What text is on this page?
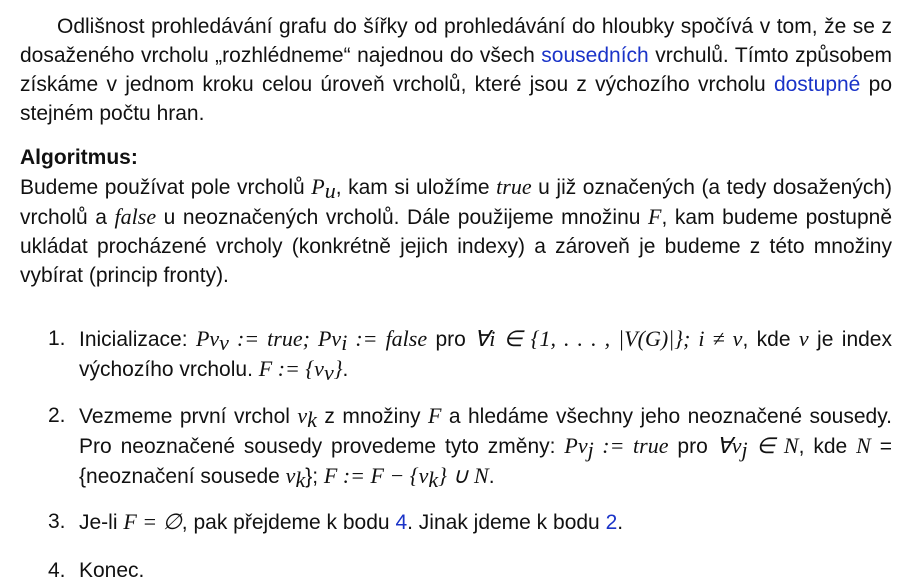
Odlišnost prohledávání grafu do šířky od prohledávání do hloubky spočívá v tom, že se z dosaženého vrcholu „rozhlédneme“ najednou do všech sousedních vrchulů. Tímto způsobem získáme v jednom kroku celou úroveň vrcholů, které jsou z výchozího vrcholu dostupné po stejném počtu hran.

Algoritmus:

Budeme používat pole vrcholů $P_u$, kam si uložíme true u již označených (a tedy dosažených) vrcholů a false u neoznačených vrcholů. Dále použijeme množinu F, kam budeme postupně ukládat procházené vrcholy (konkrétně jejich indexy) a zároveň je budeme z této množiny vybírat (princip fronty).

1. Inicializace: $Pv_v$ := true; $Pv_i$ := false pro ∀i ∈ {1, . . . , |V(G)|}; i ≠ v, kde v je index výchozího vrcholu. F := $\{v_v\}$.
2. Vezmeme první vrchol $v_k$ z množiny F a hledáme všechny jeho neoznačené sousedy. Pro neoznačené sousedy provedeme tyto změny: $Pv_j$ := true pro $\forall v_j$ ∈ N, kde N = {neoznačení sousede $v_k$}; F := $F - \{v_k\}$ ∪ N.
3. Je-li F = ∅, pak přejdeme k bodu 4. Jinak jdeme k bodu 2.
4. Konec.
